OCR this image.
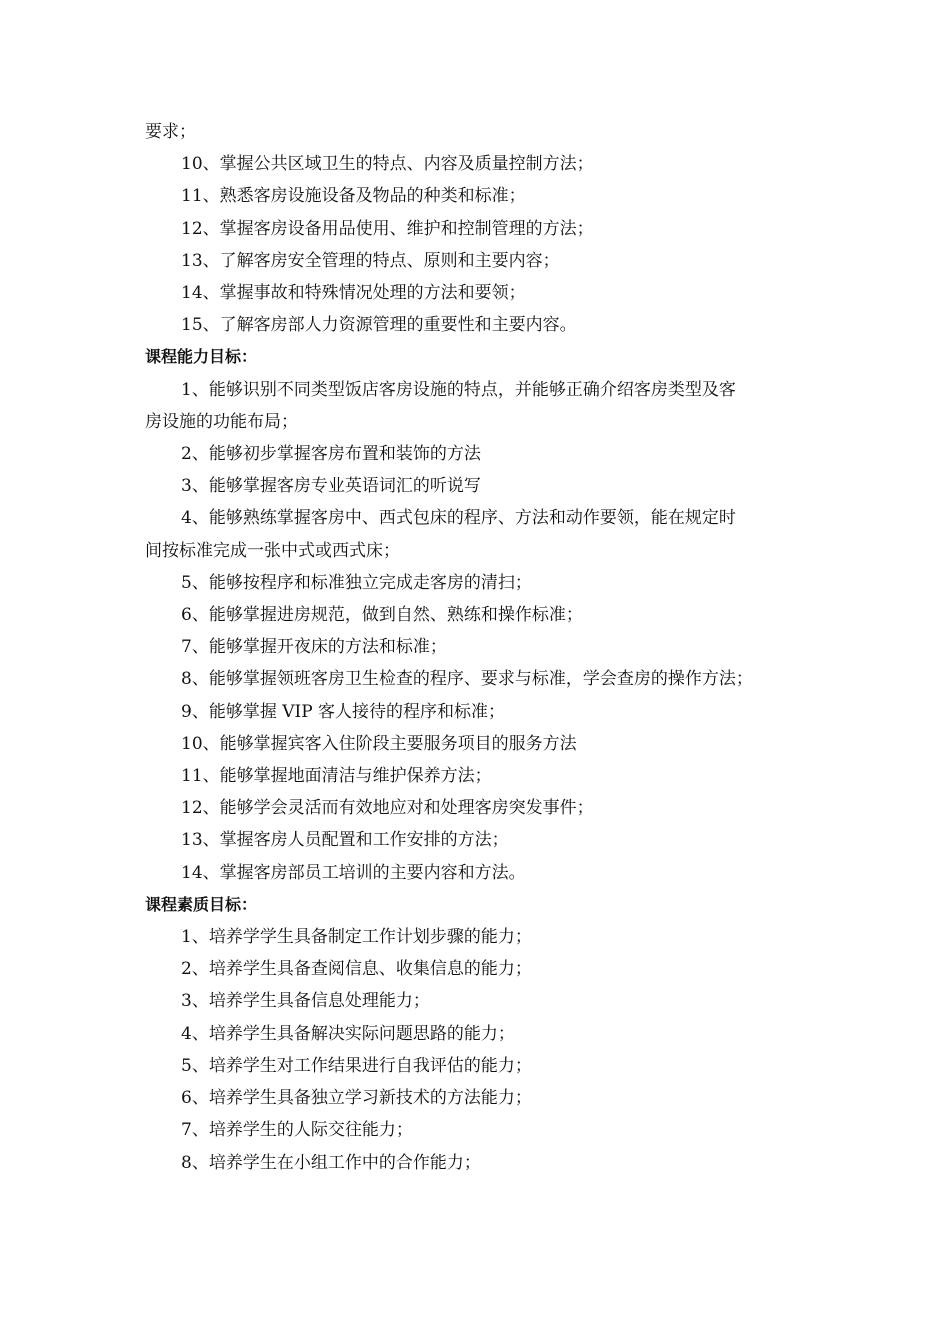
要求；
10、掌握公共区域卫生的特点、内容及质量控制方法；
11、熟悉客房设施设备及物品的种类和标准；
12、掌握客房设备用品使用、维护和控制管理的方法；
13、了解客房安全管理的特点、原则和主要内容；
14、掌握事故和特殊情况处理的方法和要领；
15、了解客房部人力资源管理的重要性和主要内容。
课程能力目标：
1、能够识别不同类型饭店客房设施的特点，并能够正确介绍客房类型及客
房设施的功能布局；
2、能够初步掌握客房布置和装饰的方法
3、能够掌握客房专业英语词汇的听说写
4、能够熟练掌握客房中、西式包床的程序、方法和动作要领，能在规定时
间按标准完成一张中式或西式床；
5、能够按程序和标准独立完成走客房的清扫；
6、能够掌握进房规范，做到自然、熟练和操作标准；
7、能够掌握开夜床的方法和标准；
8、能够掌握领班客房卫生检查的程序、要求与标准，学会查房的操作方法；
9、能够掌握 VIP 客人接待的程序和标准；
10、能够掌握宾客入住阶段主要服务项目的服务方法
11、能够掌握地面清洁与维护保养方法；
12、能够学会灵活而有效地应对和处理客房突发事件；
13、掌握客房人员配置和工作安排的方法；
14、掌握客房部员工培训的主要内容和方法。
课程素质目标：
1、培养学学生具备制定工作计划步骤的能力；
2、培养学生具备查阅信息、收集信息的能力；
3、培养学生具备信息处理能力；
4、培养学生具备解决实际问题思路的能力；
5、培养学生对工作结果进行自我评估的能力；
6、培养学生具备独立学习新技术的方法能力；
7、培养学生的人际交往能力；
8、培养学生在小组工作中的合作能力；
